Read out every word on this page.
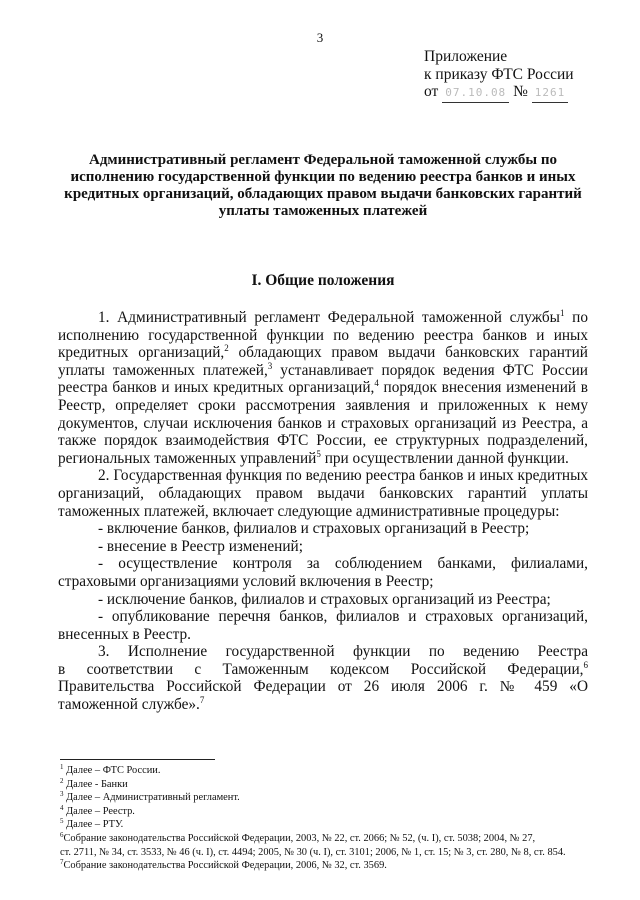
3
Приложение
к приказу ФТС России
от 07.10.08 № 1261
Административный регламент Федеральной таможенной службы по
исполнению государственной функции по ведению реестра банков и иных
кредитных организаций, обладающих правом выдачи банковских гарантий
уплаты таможенных платежей
I. Общие положения
1. Административный регламент Федеральной таможенной службы$^1$ по
исполнению государственной функции по ведению реестра банков и иных
кредитных организаций,$^2$ обладающих правом выдачи банковских гарантий
уплаты таможенных платежей,$^3$ устанавливает порядок ведения ФТС России
реестра банков и иных кредитных организаций,$^4$ порядок внесения изменений в
Реестр, определяет сроки рассмотрения заявления и приложенных к нему
документов, случаи исключения банков и страховых организаций из Реестра, а
также порядок взаимодействия ФТС России, ее структурных подразделений,
региональных таможенных управлений$^5$ при осуществлении данной функции.
2. Государственная функция по ведению реестра банков и иных кредитных
организаций, обладающих правом выдачи банковских гарантий уплаты
таможенных платежей, включает следующие административные процедуры:
- включение банков, филиалов и страховых организаций в Реестр;
- внесение в Реестр изменений;
- осуществление контроля за соблюдением банками, филиалами,
страховыми организациями условий включения в Реестр;
- исключение банков, филиалов и страховых организаций из Реестра;
- опубликование перечня банков, филиалов и страховых организаций,
внесенных в Реестр.
3. Исполнение государственной функции по ведению Реестра
в соответствии с Таможенным кодексом Российской Федерации,$^6$
Правительства Российской Федерации от 26 июля 2006 г. № 459 «О
таможенной службе».$^7$
$^1$ Далее – ФТС России.
$^2$ Далее - Банки
$^3$ Далее – Административный регламент.
$^4$ Далее – Реестр.
$^5$ Далее – РТУ.
$^6$Собрание законодательства Российской Федерации, 2003, № 22, ст. 2066; № 52, (ч. I), ст. 5038; 2004, № 27,
ст. 2711, № 34, ст. 3533, № 46 (ч. I), ст. 4494; 2005, № 30 (ч. I), ст. 3101; 2006, № 1, ст. 15; № 3, ст. 280, № 8, ст. 854.
$^7$Собрание законодательства Российской Федерации, 2006, № 32, ст. 3569.
